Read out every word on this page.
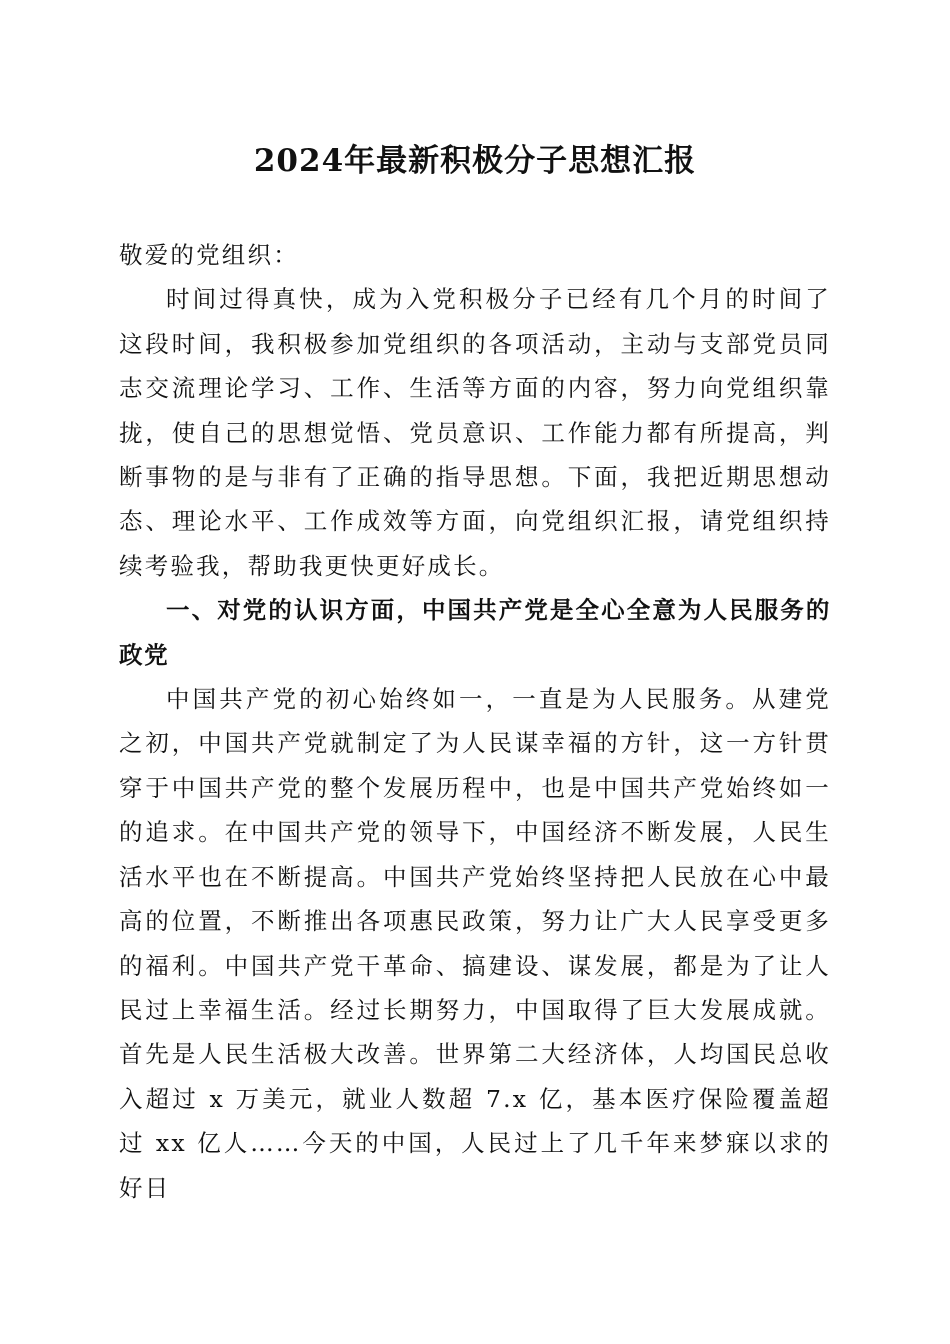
2024年最新积极分子思想汇报

敬爱的党组织：

时间过得真快，成为入党积极分子已经有几个月的时间了这段时间，我积极参加党组织的各项活动，主动与支部党员同志交流理论学习、工作、生活等方面的内容，努力向党组织靠拢，使自己的思想觉悟、党员意识、工作能力都有所提高，判断事物的是与非有了正确的指导思想。下面，我把近期思想动态、理论水平、工作成效等方面，向党组织汇报，请党组织持续考验我，帮助我更快更好成长。

一、对党的认识方面，中国共产党是全心全意为人民服务的政党

中国共产党的初心始终如一，一直是为人民服务。从建党之初，中国共产党就制定了为人民谋幸福的方针，这一方针贯穿于中国共产党的整个发展历程中，也是中国共产党始终如一的追求。在中国共产党的领导下，中国经济不断发展，人民生活水平也在不断提高。中国共产党始终坚持把人民放在心中最高的位置，不断推出各项惠民政策，努力让广大人民享受更多的福利。中国共产党干革命、搞建设、谋发展，都是为了让人民过上幸福生活。经过长期努力，中国取得了巨大发展成就。首先是人民生活极大改善。世界第二大经济体，人均国民总收入超过 x 万美元，就业人数超 7.x 亿，基本医疗保险覆盖超过 xx 亿人……今天的中国，人民过上了几千年来梦寐以求的好日
